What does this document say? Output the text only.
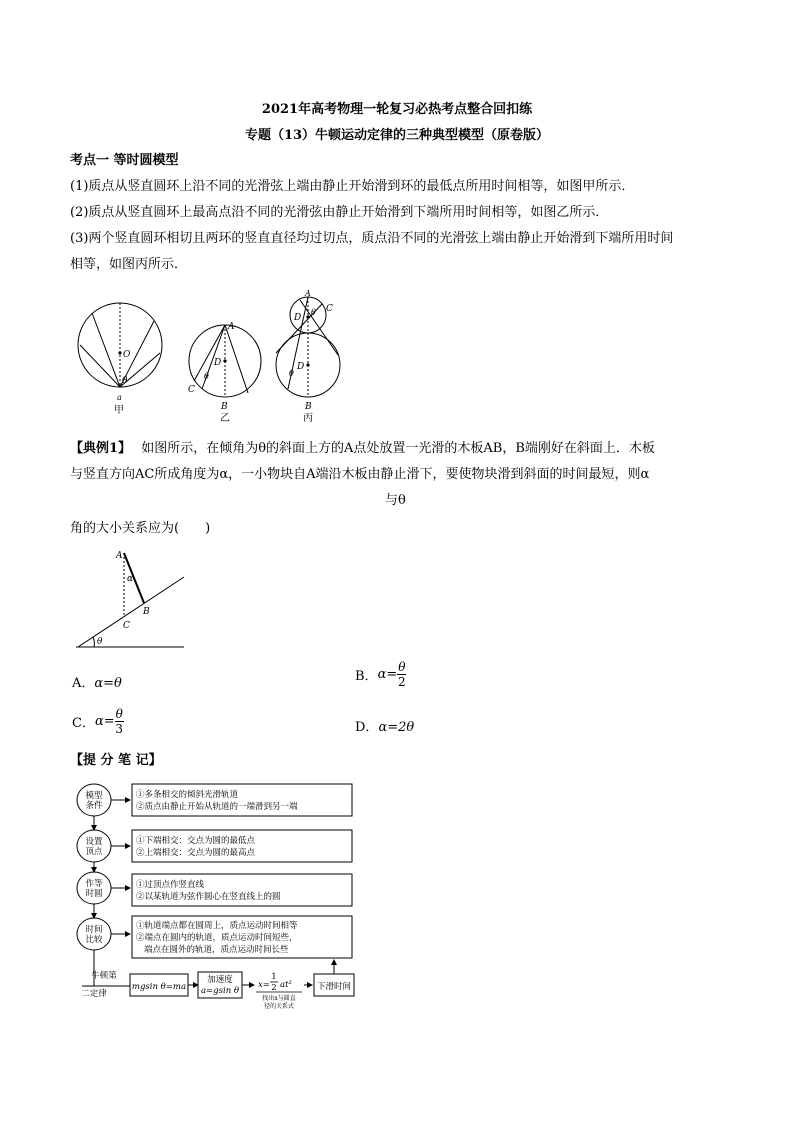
2021年高考物理一轮复习必热考点整合回扣练
专题（13）牛顿运动定律的三种典型模型（原卷版）
考点一 等时圆模型
(1)质点从竖直圆环上沿不同的光滑弦上端由静止开始滑到环的最低点所用时间相等，如图甲所示．
(2)质点从竖直圆环上最高点沿不同的光滑弦由静止开始滑到下端所用时间相等，如图乙所示．
(3)两个竖直圆环相切且两环的竖直直径均过切点，质点沿不同的光滑弦上端由静止开始滑到下端所用时间
相等，如图丙所示．
O
θ
a
甲
A
D
θ
C
B
乙
A
C
D
θ
D
θ
B
丙
【典例1】 如图所示，在倾角为θ的斜面上方的A点处放置一光滑的木板AB，B端刚好在斜面上．木板
与竖直方向AC所成角度为α，一小物块自A端沿木板由静止滑下，要使物块滑到斜面的时间最短，则α
与θ
角的大小关系应为(　　)
A
α
B
C
θ
A．α=θ	B．$\alpha= \frac{\theta}{2}$
C．$\alpha= \frac{\theta}{3}$	D．α=2θ
【提 分 笔 记】
模型
条件
设置
顶点
作等
时圆
时间
比较
①多条相交的倾斜光滑轨道
②质点由静止开始从轨道的一端滑到另一端
①下端相交：交点为圆的最低点
②上端相交：交点为圆的最高点
①过顶点作竖直线
②以某轨道为弦作圆心在竖直线上的圆
①轨道端点都在圆周上，质点运动时间相等
②端点在圆内的轨道，质点运动时间短些，
端点在圆外的轨道，质点运动时间长些
牛顿第
二定律
mgsin θ=ma
加速度
a=gsin θ
x=
1
2 at²
找出x与圆直
径的关系式
下滑时间
